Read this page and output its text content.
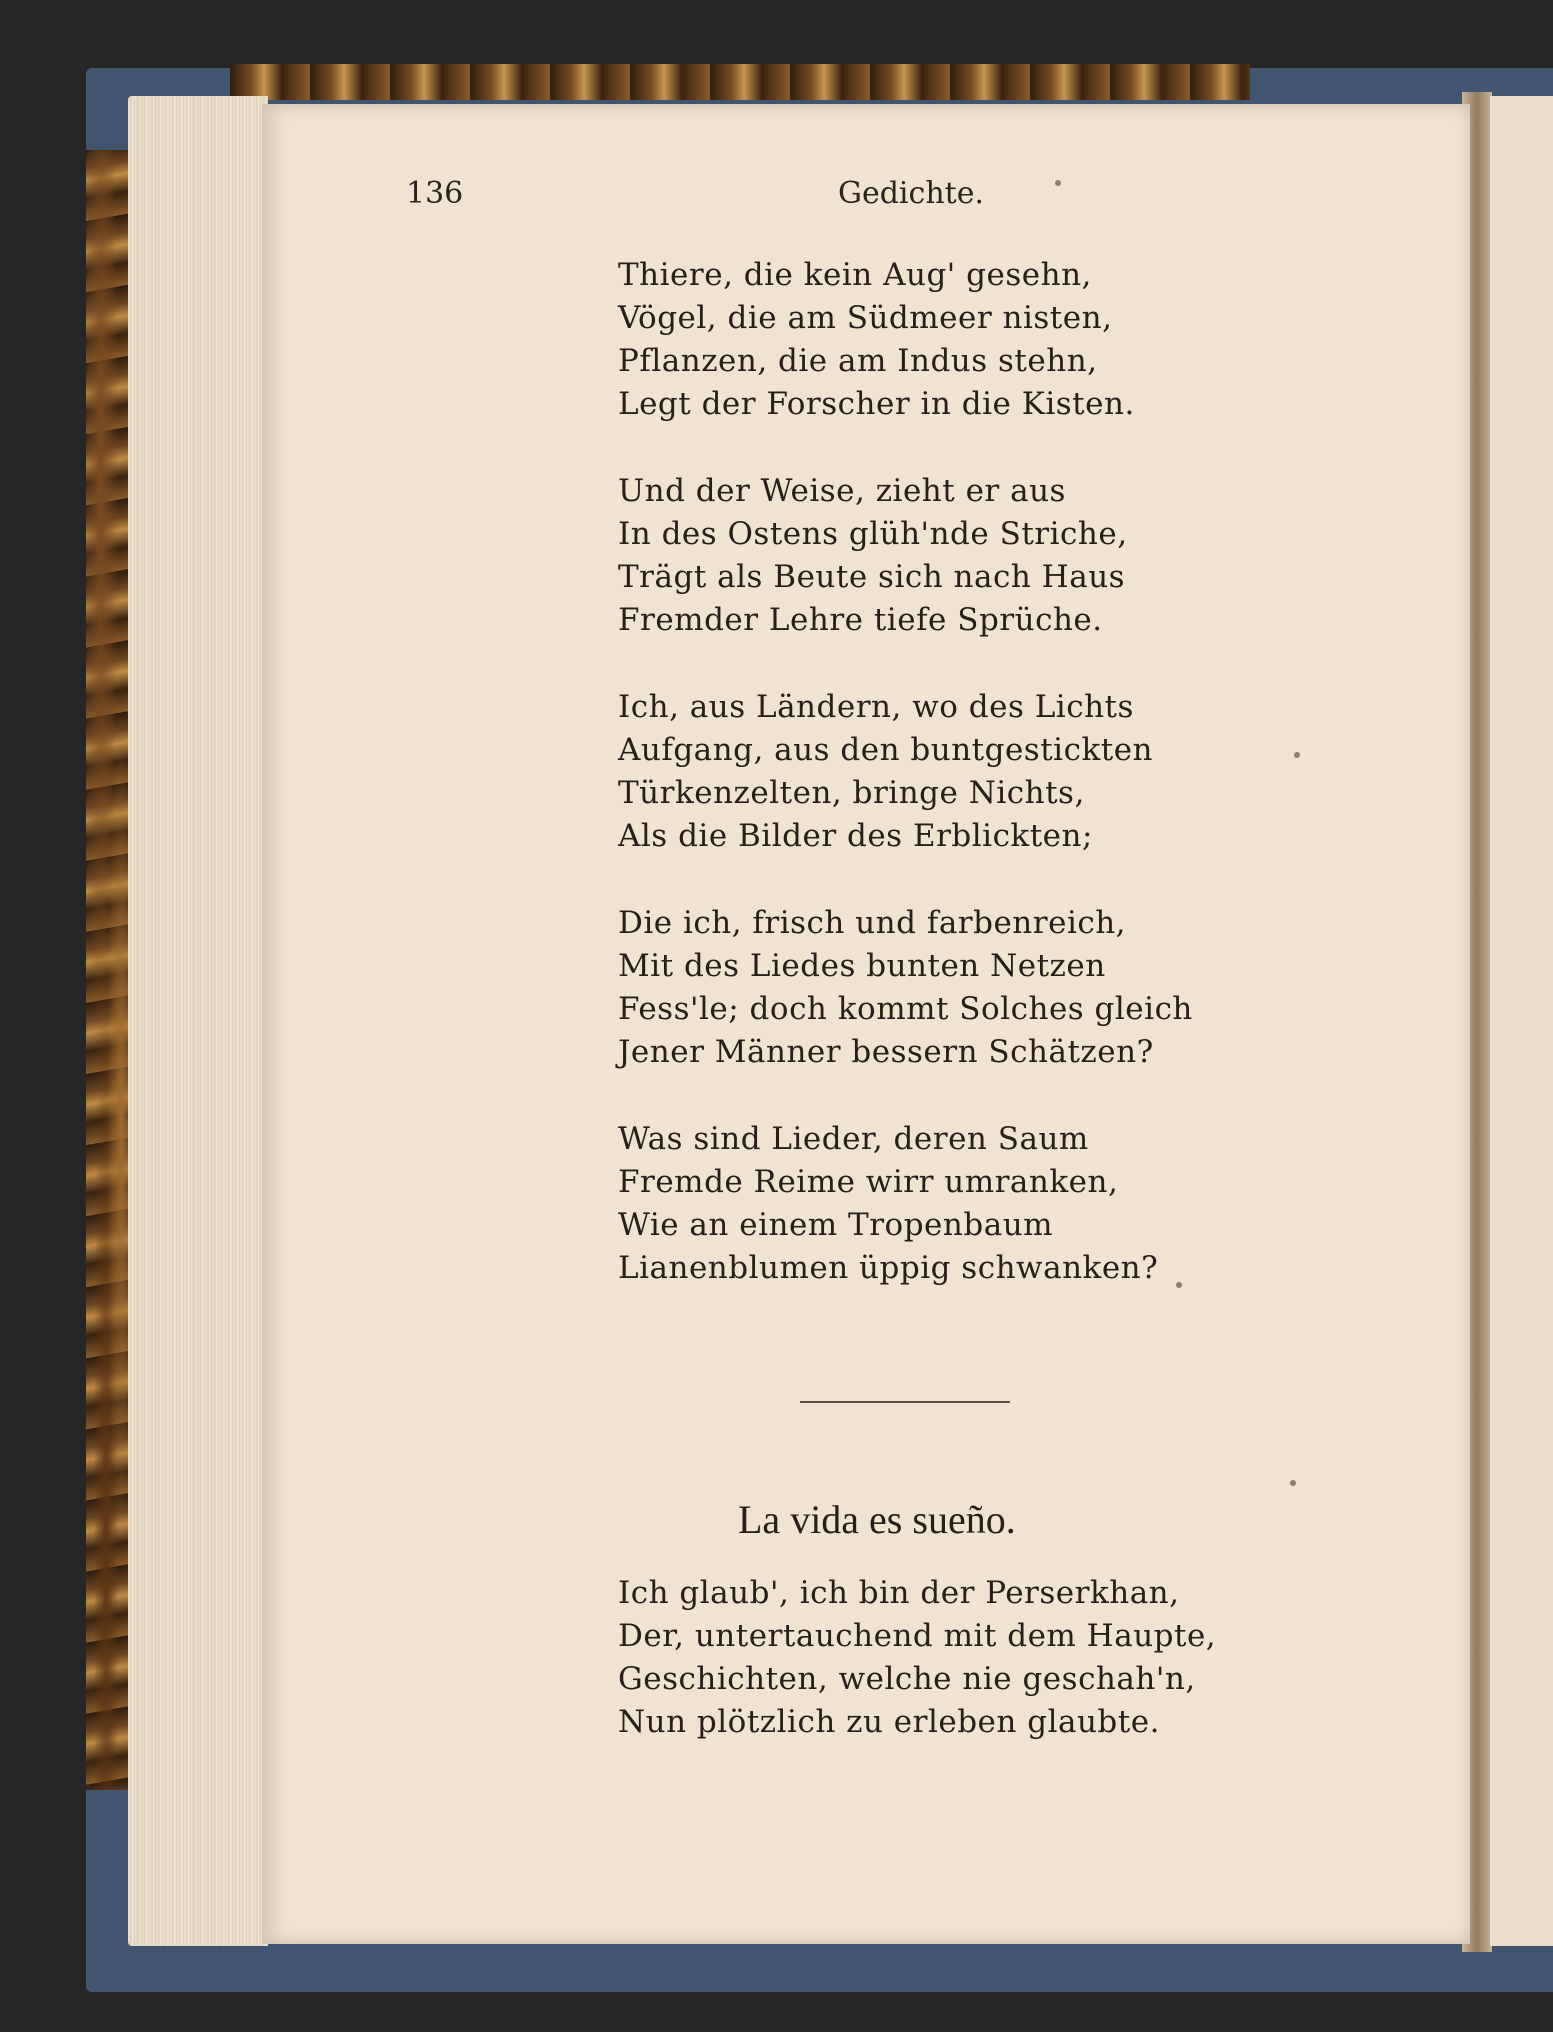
136	Gedichte.
Thiere, die kein Aug' gesehn,
Vögel, die am Südmeer nisten,
Pflanzen, die am Indus stehn,
Legt der Forscher in die Kisten.
Und der Weise, zieht er aus
In des Ostens glüh'nde Striche,
Trägt als Beute sich nach Haus
Fremder Lehre tiefe Sprüche.
Ich, aus Ländern, wo des Lichts
Aufgang, aus den buntgestickten
Türkenzelten, bringe Nichts,
Als die Bilder des Erblickten;
Die ich, frisch und farbenreich,
Mit des Liedes bunten Netzen
Fess'le; doch kommt Solches gleich
Jener Männer bessern Schätzen?
Was sind Lieder, deren Saum
Fremde Reime wirr umranken,
Wie an einem Tropenbaum
Lianenblumen üppig schwanken?
La vida es sueño.
Ich glaub', ich bin der Perserkhan,
Der, untertauchend mit dem Haupte,
Geschichten, welche nie geschah'n,
Nun plötzlich zu erleben glaubte.
